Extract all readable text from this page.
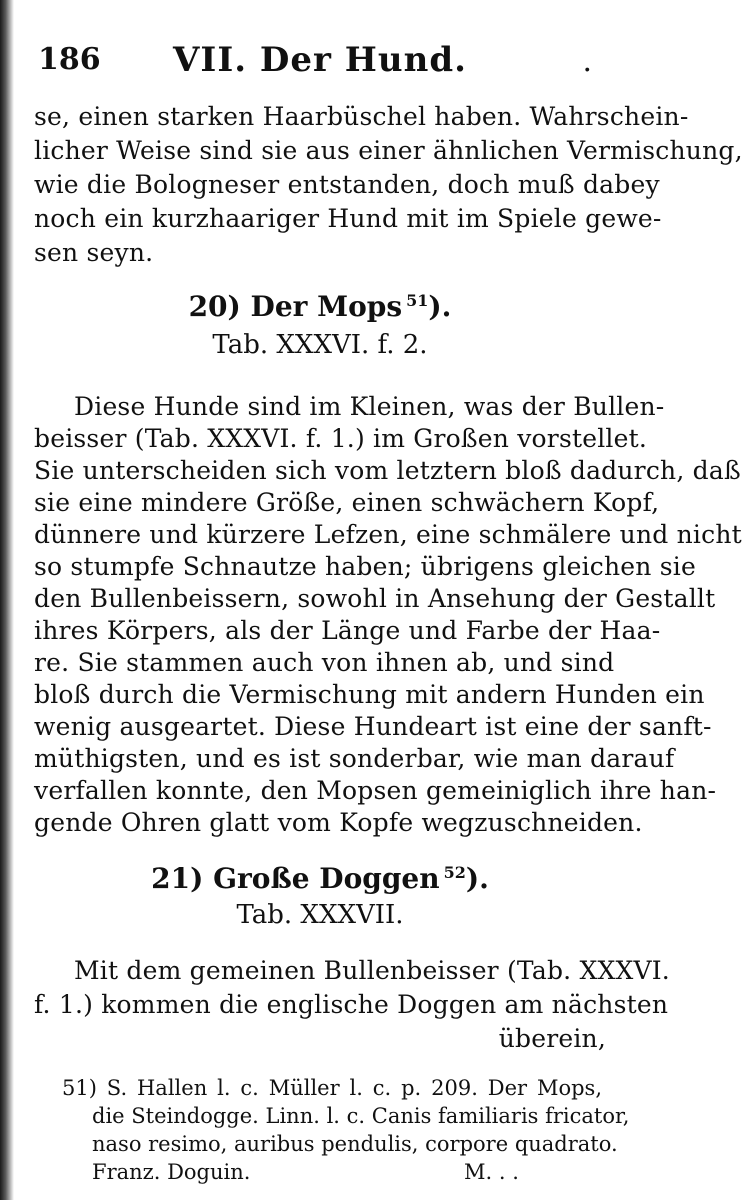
186	VII. Der Hund.	.
se, einen starken Haarbüschel haben. Wahrschein-
licher Weise sind sie aus einer ähnlichen Vermischung,
wie die Bologneser entstanden, doch muß dabey
noch ein kurzhaariger Hund mit im Spiele gewe-
sen seyn.
20) Der Mops $^{51}$).
Tab. XXXVI. f. 2.
Diese Hunde sind im Kleinen, was der Bullen-
beisser (Tab. XXXVI. f. 1.) im Großen vorstellet.
Sie unterscheiden sich vom letztern bloß dadurch, daß
sie eine mindere Größe, einen schwächern Kopf,
dünnere und kürzere Lefzen, eine schmälere und nicht
so stumpfe Schnautze haben; übrigens gleichen sie
den Bullenbeissern, sowohl in Ansehung der Gestallt
ihres Körpers, als der Länge und Farbe der Haa-
re. Sie stammen auch von ihnen ab, und sind
bloß durch die Vermischung mit andern Hunden ein
wenig ausgeartet. Diese Hundeart ist eine der sanft-
müthigsten, und es ist sonderbar, wie man darauf
verfallen konnte, den Mopsen gemeiniglich ihre han-
gende Ohren glatt vom Kopfe wegzuschneiden.
21) Große Doggen $^{52}$).
Tab. XXXVII.
Mit dem gemeinen Bullenbeisser (Tab. XXXVI.
f. 1.) kommen die englische Doggen am nächsten
überein,
51) S. Hallen l. c. Müller l. c. p. 209. Der Mops,
die Steindogge. Linn. l. c. Canis familiaris fricator,
naso resimo, auribus pendulis, corpore quadrato.
Franz. Doguin.                                M. . .
